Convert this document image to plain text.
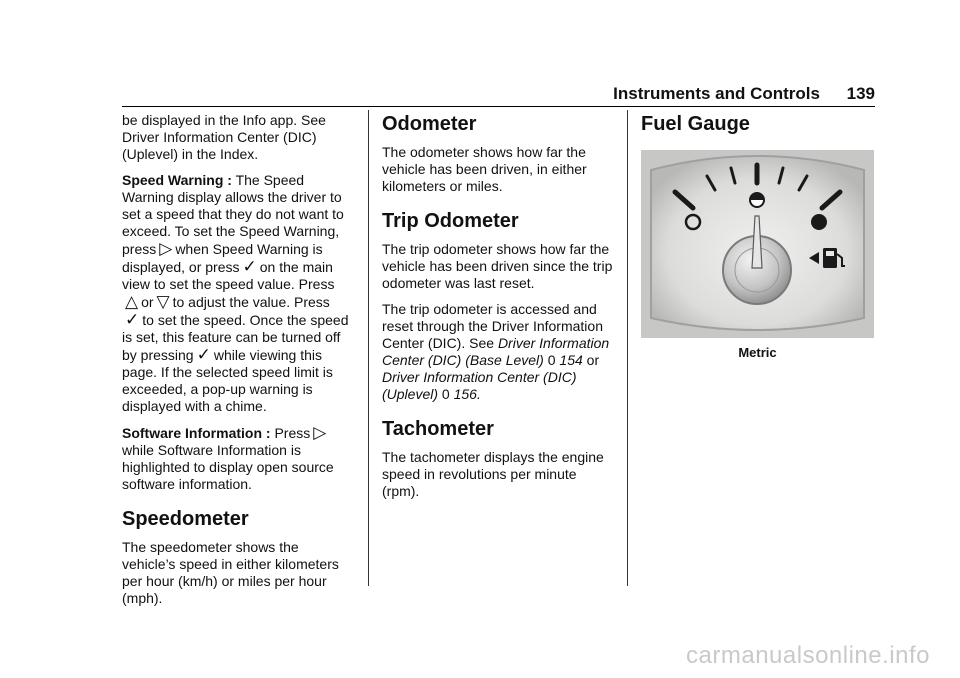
Instruments and Controls 139

be displayed in the Info app. See Driver Information Center (DIC) (Uplevel) in the Index.

Speed Warning : The Speed Warning display allows the driver to set a speed that they do not want to exceed. To set the Speed Warning, press ▷ when Speed Warning is displayed, or press ✓ on the main view to set the speed value. Press △ or ▽ to adjust the value. Press ✓ to set the speed. Once the speed is set, this feature can be turned off by pressing ✓ while viewing this page. If the selected speed limit is exceeded, a pop-up warning is displayed with a chime.

Software Information : Press ▷ while Software Information is highlighted to display open source software information.

Speedometer

The speedometer shows the vehicle’s speed in either kilometers per hour (km/h) or miles per hour (mph).

Odometer

The odometer shows how far the vehicle has been driven, in either kilometers or miles.

Trip Odometer

The trip odometer shows how far the vehicle has been driven since the trip odometer was last reset.

The trip odometer is accessed and reset through the Driver Information Center (DIC). See Driver Information Center (DIC) (Base Level) 0 154 or Driver Information Center (DIC) (Uplevel) 0 156.

Tachometer

The tachometer displays the engine speed in revolutions per minute (rpm).

Fuel Gauge
Metric
carmanualsonline.info
